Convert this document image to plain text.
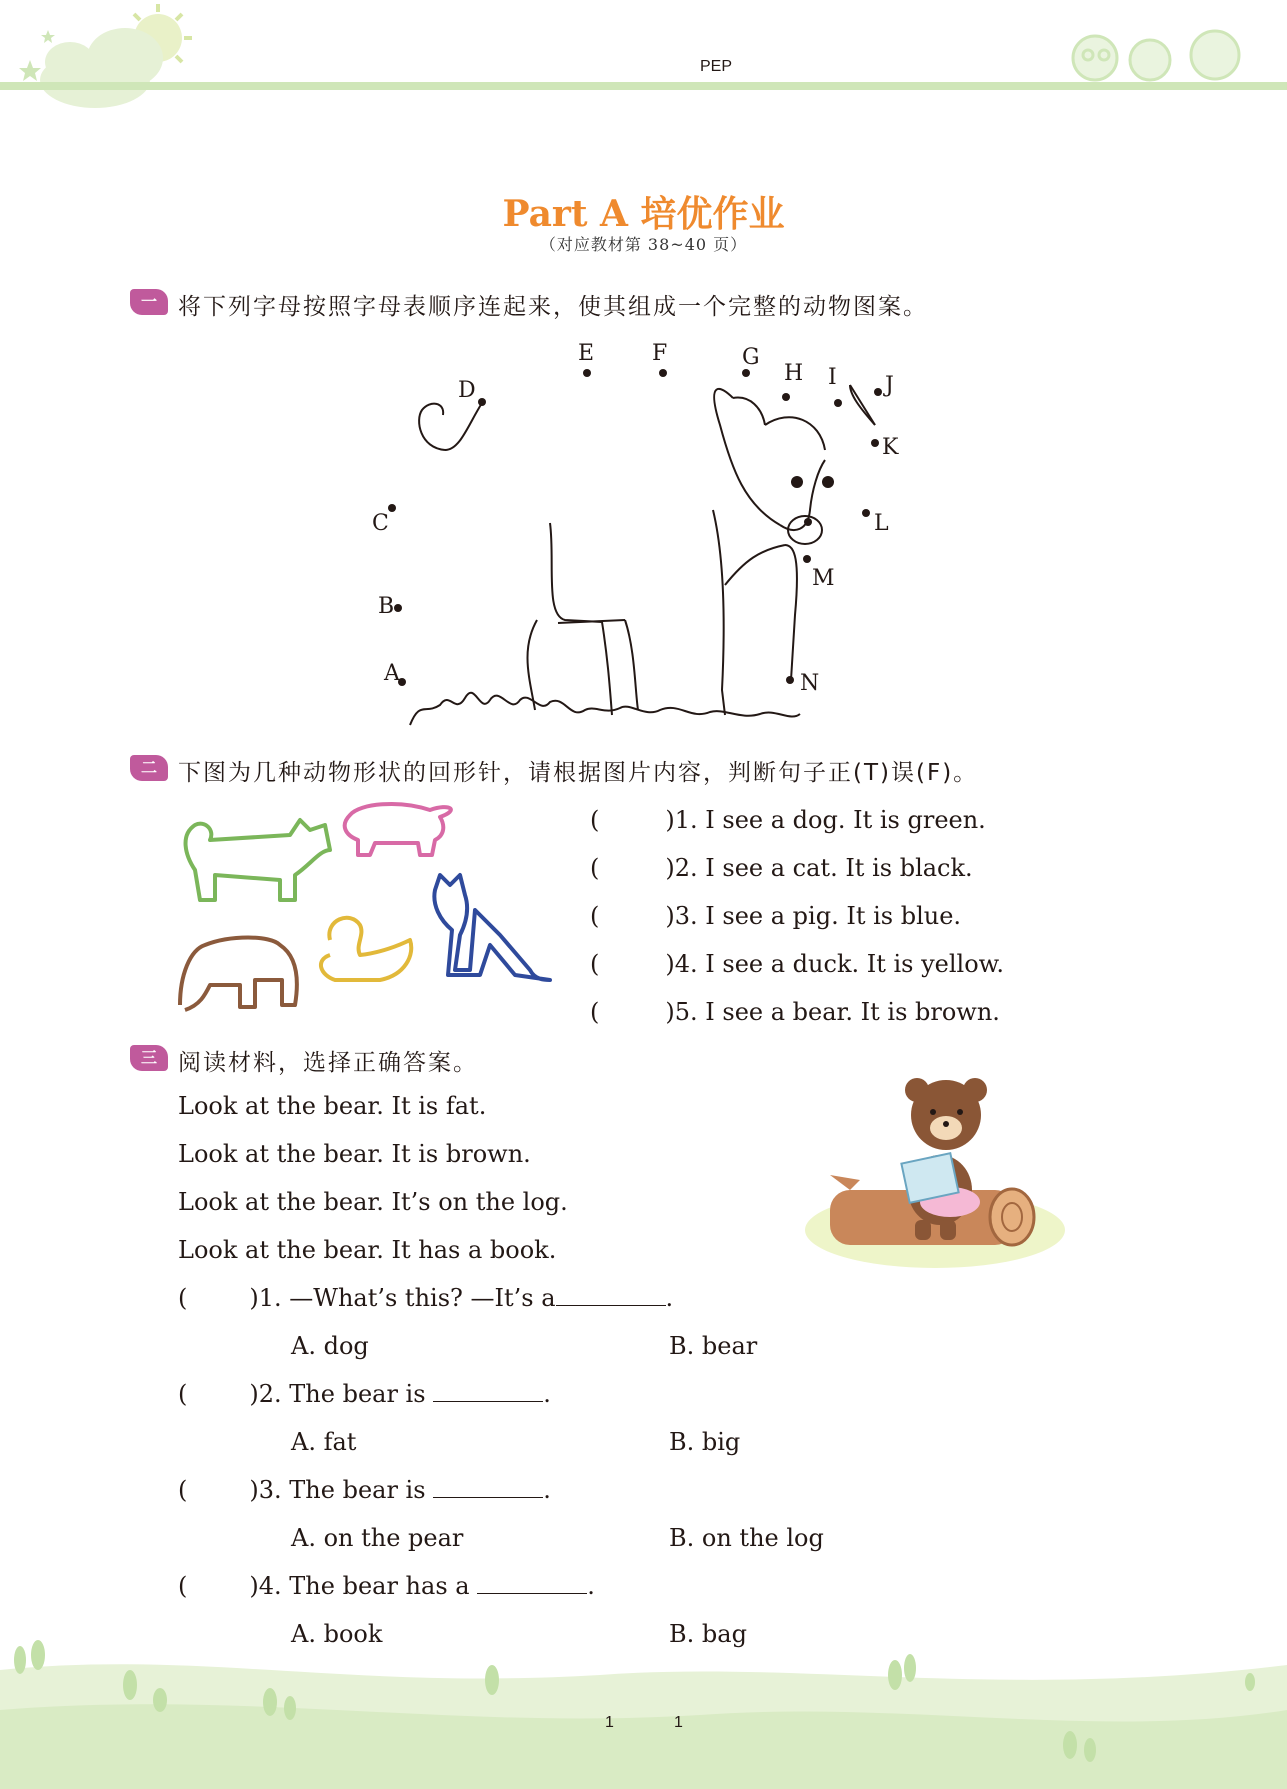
PEP
Part A 培优作业
（对应教材第 38~40 页）
一 将下列字母按照字母表顺序连起来，使其组成一个完整的动物图案。
A
B
C
D
E	F	G
H I J
K
L
M
N
二 下图为几种动物形状的回形针，请根据图片内容，判断句子正(T)误(F)。
(	)1. I see a dog. It is green.
(	)2. I see a cat. It is black.
(	)3. I see a pig. It is blue.
(	)4. I see a duck. It is yellow.
(	)5. I see a bear. It is brown.
三 阅读材料，选择正确答案。
Look at the bear. It is fat.
Look at the bear. It is brown.
Look at the bear. It’s on the log.
Look at the bear. It has a book.
(	)1. —What’s this? —It’s a	.
A. dog	B. bear
(	)2. The bear is	.
A. fat	B. big
(	)3. The bear is	.
A. on the pear	B. on the log
(	)4. The bear has a	.
A. book	B. bag
1	1
